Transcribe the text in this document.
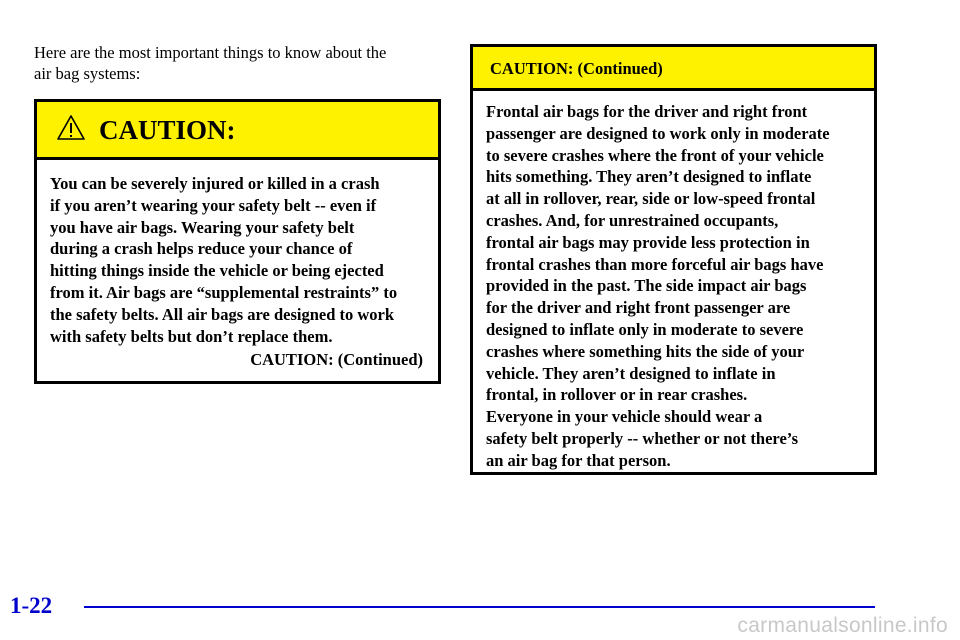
Here are the most important things to know about the
air bag systems:
CAUTION:
You can be severely injured or killed in a crash
if you aren’t wearing your safety belt -- even if
you have air bags. Wearing your safety belt
during a crash helps reduce your chance of
hitting things inside the vehicle or being ejected
from it. Air bags are “supplemental restraints” to
the safety belts. All air bags are designed to work
with safety belts but don’t replace them.
CAUTION: (Continued)
CAUTION: (Continued)
Frontal air bags for the driver and right front
passenger are designed to work only in moderate
to severe crashes where the front of your vehicle
hits something. They aren’t designed to inflate
at all in rollover, rear, side or low-speed frontal
crashes. And, for unrestrained occupants,
frontal air bags may provide less protection in
frontal crashes than more forceful air bags have
provided in the past. The side impact air bags
for the driver and right front passenger are
designed to inflate only in moderate to severe
crashes where something hits the side of your
vehicle. They aren’t designed to inflate in
frontal, in rollover or in rear crashes.
Everyone in your vehicle should wear a
safety belt properly -- whether or not there’s
an air bag for that person.
1-22
carmanualsonline.info
